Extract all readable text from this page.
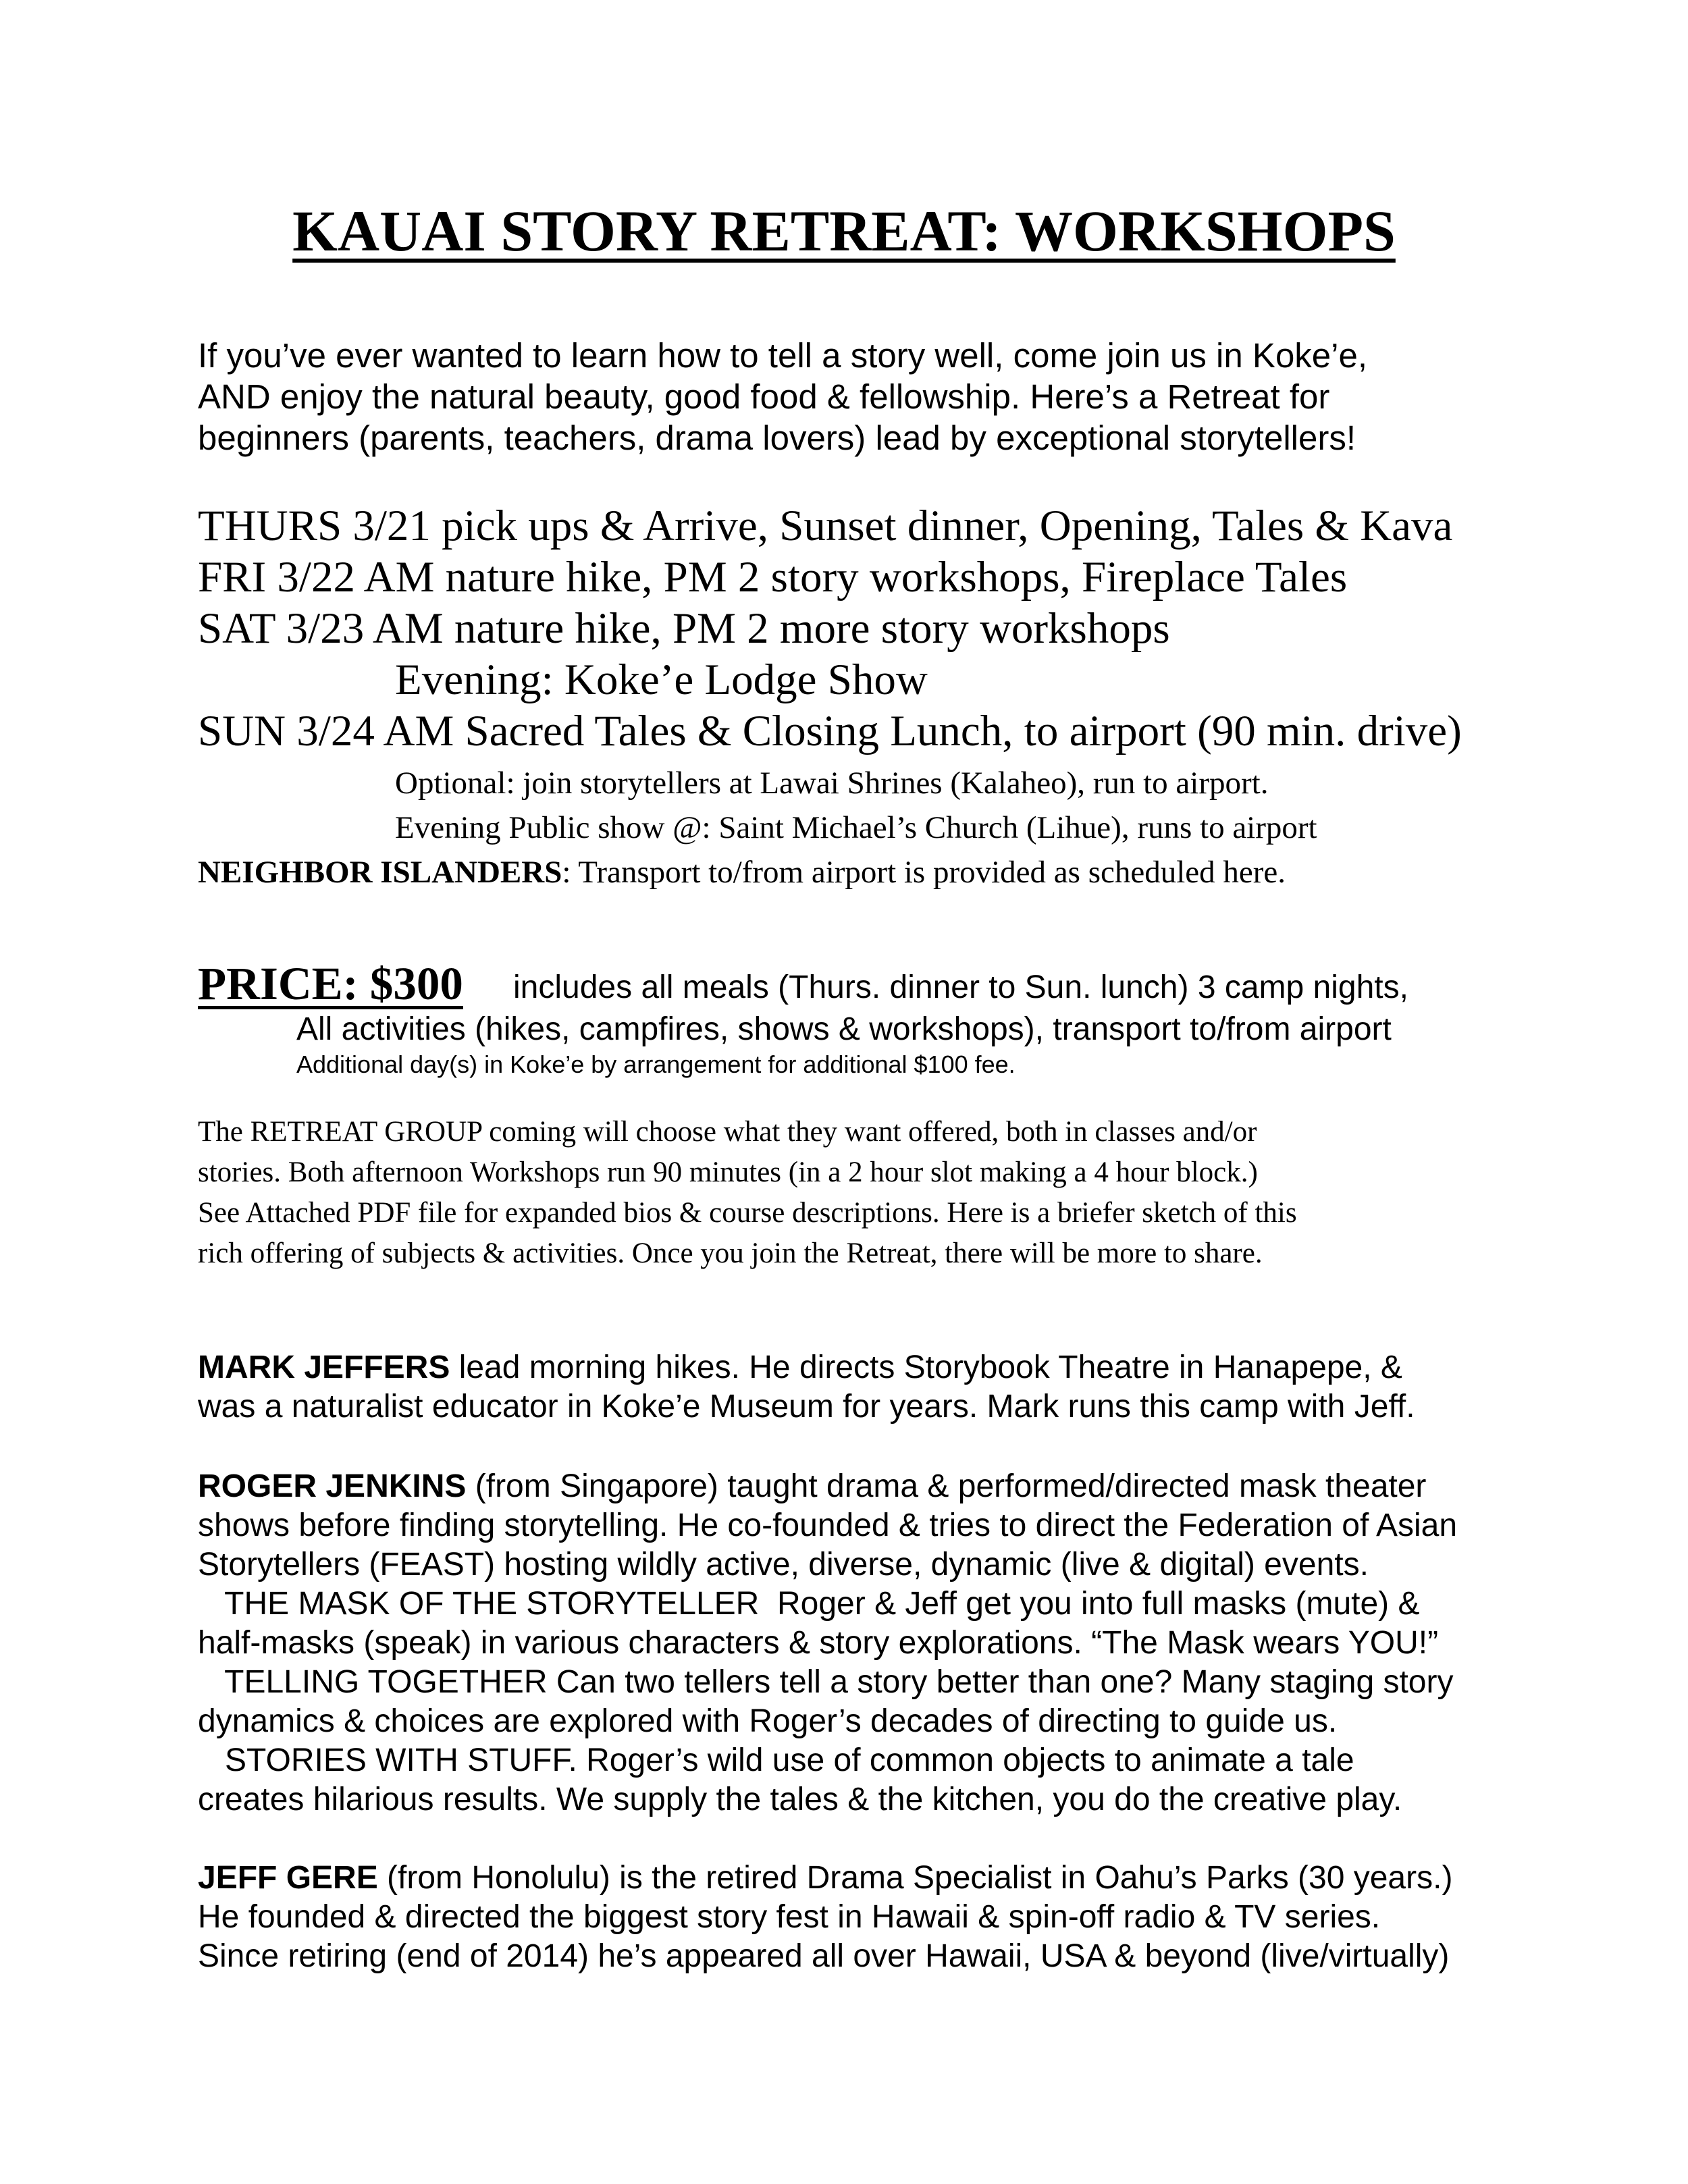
KAUAI STORY RETREAT: WORKSHOPS
If you’ve ever wanted to learn how to tell a story well, come join us in Koke’e,
AND enjoy the natural beauty, good food & fellowship. Here’s a Retreat for
beginners (parents, teachers, drama lovers) lead by exceptional storytellers!
THURS 3/21 pick ups & Arrive, Sunset dinner, Opening, Tales & Kava
FRI 3/22 AM nature hike, PM 2 story workshops, Fireplace Tales
SAT 3/23 AM nature hike, PM 2 more story workshops
Evening: Koke’e Lodge Show
SUN 3/24 AM Sacred Tales & Closing Lunch, to airport (90 min. drive)
Optional: join storytellers at Lawai Shrines (Kalaheo), run to airport.
Evening Public show @: Saint Michael’s Church (Lihue), runs to airport
NEIGHBOR ISLANDERS: Transport to/from airport is provided as scheduled here.
PRICE: $300 includes all meals (Thurs. dinner to Sun. lunch) 3 camp nights,
All activities (hikes, campfires, shows & workshops), transport to/from airport
Additional day(s) in Koke’e by arrangement for additional $100 fee.
The RETREAT GROUP coming will choose what they want offered, both in classes and/or
stories. Both afternoon Workshops run 90 minutes (in a 2 hour slot making a 4 hour block.)
See Attached PDF file for expanded bios & course descriptions. Here is a briefer sketch of this
rich offering of subjects & activities. Once you join the Retreat, there will be more to share.
MARK JEFFERS lead morning hikes. He directs Storybook Theatre in Hanapepe, &
was a naturalist educator in Koke’e Museum for years. Mark runs this camp with Jeff.
ROGER JENKINS (from Singapore) taught drama & performed/directed mask theater
shows before finding storytelling. He co-founded & tries to direct the Federation of Asian
Storytellers (FEAST) hosting wildly active, diverse, dynamic (live & digital) events.
THE MASK OF THE STORYTELLER  Roger & Jeff get you into full masks (mute) &
half-masks (speak) in various characters & story explorations. “The Mask wears YOU!”
TELLING TOGETHER Can two tellers tell a story better than one? Many staging story
dynamics & choices are explored with Roger’s decades of directing to guide us.
STORIES WITH STUFF. Roger’s wild use of common objects to animate a tale
creates hilarious results. We supply the tales & the kitchen, you do the creative play.
JEFF GERE (from Honolulu) is the retired Drama Specialist in Oahu’s Parks (30 years.)
He founded & directed the biggest story fest in Hawaii & spin-off radio & TV series.
Since retiring (end of 2014) he’s appeared all over Hawaii, USA & beyond (live/virtually)
